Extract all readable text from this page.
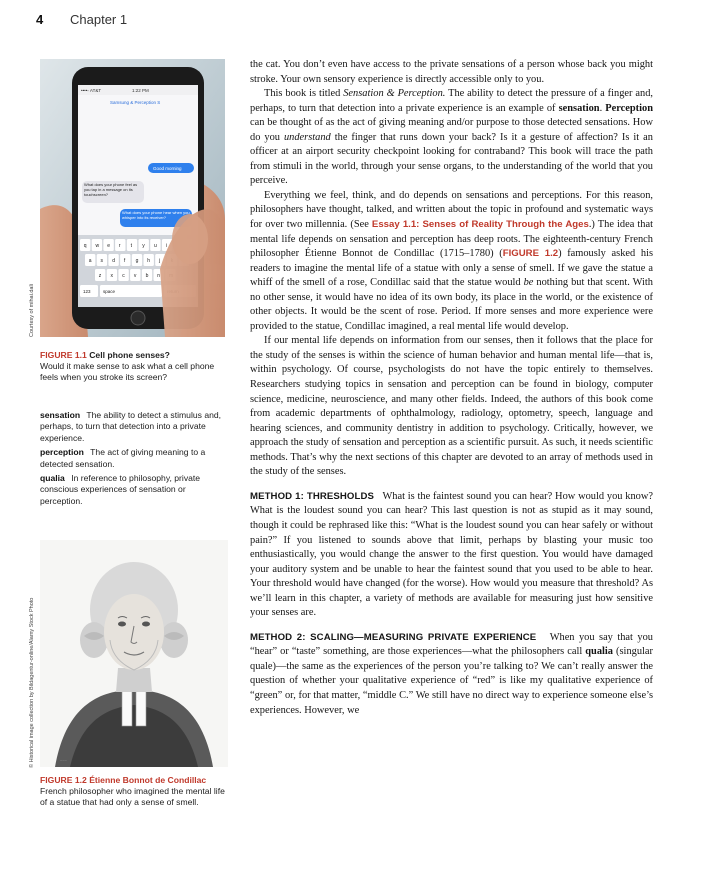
4 Chapter 1
Courtesy of mihai.dali
••••◦ AT&T	1:22 PM
Samsung & Perception S
Good morning
What does your phone feel as you tap in a message on its touchscreen?
What does your phone hear when you whisper into its receiver?
q w e r t y u i
a s d f g h j
z x c v b n
123	space
FIGURE 1.1 Cell phone senses?
Would it make sense to ask what a cell phone feels when you stroke its screen?
sensation The ability to detect a stimulus and, perhaps, to turn that detection into a private experience.
perception The act of giving meaning to a detected sensation.
qualia In reference to philosophy, private conscious experiences of sensation or perception.
© Historical image collection by Bildagentur-online/Alamy Stock Photo	~~~
FIGURE 1.2 Étienne Bonnot de Condillac French philosopher who imagined the mental life of a statue that had only a sense of smell.

the cat. You don’t even have access to the private sensations of a person whose back you might stroke. Your own sensory experience is directly accessible only to you.

This book is titled Sensation & Perception. The ability to detect the pressure of a finger and, perhaps, to turn that detection into a private experience is an example of sensation. Perception can be thought of as the act of giving meaning and/or purpose to those detected sensations. How do you understand the finger that runs down your back? Is it a gesture of affection? Is it an officer at an airport security checkpoint looking for contraband? This book will trace the path from stimuli in the world, through your sense organs, to the understanding of the world that you perceive.

Everything we feel, think, and do depends on sensations and perceptions. For this reason, philosophers have thought, talked, and written about the topic in profound and systematic ways for over two millennia. (See Essay 1.1: Senses of Reality Through the Ages.) The idea that mental life depends on sensation and perception has deep roots. The eighteenth-century French philosopher Étienne Bonnot de Condillac (1715–1780) (FIGURE 1.2) famously asked his readers to imagine the mental life of a statue with only a sense of smell. If we gave the statue a whiff of the smell of a rose, Condillac said that the statue would be nothing but that scent. With no other sense, it would have no idea of its own body, its place in the world, or the existence of other objects. It would be the scent of rose. Period. If more senses and more experience were provided to the statue, Condillac imagined, a real mental life would develop.

If our mental life depends on information from our senses, then it follows that the place for the study of the senses is within the science of human behavior and human mental life—that is, within psychology. Of course, psychologists do not have the topic entirely to themselves. Researchers studying topics in sensation and perception can be found in biology, computer science, medicine, neuroscience, and many other fields. Indeed, the authors of this book come from academic departments of ophthalmology, radiology, optometry, speech, language and hearing sciences, and community dentistry in addition to psychology. Critically, however, we approach the study of sensation and perception as a scientific pursuit. As such, it needs scientific methods. That’s why the next sections of this chapter are devoted to an array of methods used in the study of the senses.

METHOD 1: THRESHOLDS What is the faintest sound you can hear? How would you know? What is the loudest sound you can hear? This last question is not as stupid as it may sound, though it could be rephrased like this: “What is the loudest sound you can hear safely or without pain?” If you listened to sounds above that limit, perhaps by blasting your music too enthusiastically, you would change the answer to the first question. You would have damaged your auditory system and be unable to hear the faintest sound that you used to be able to hear. Your threshold would have changed (for the worse). How would you measure that threshold? As we’ll learn in this chapter, a variety of methods are available for measuring just how sensitive your senses are.

METHOD 2: SCALING—MEASURING PRIVATE EXPERIENCE When you say that you “hear” or “taste” something, are those experiences—what the philosophers call qualia (singular quale)—the same as the experiences of the person you’re talking to? We can’t really answer the question of whether your qualitative experience of “red” is like my qualitative experience of “green” or, for that matter, “middle C.” We still have no direct way to experience someone else’s experiences. However, we
